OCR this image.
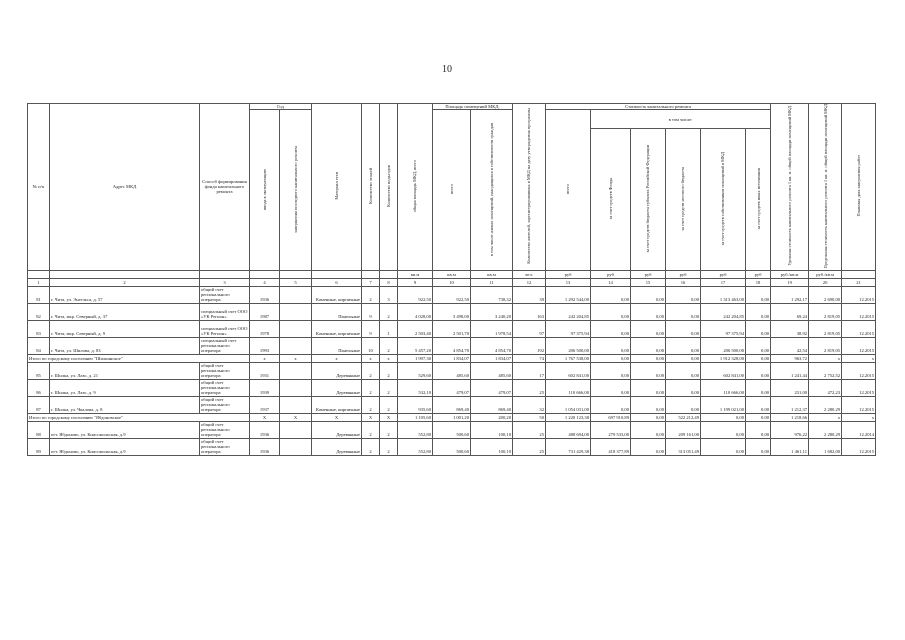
10
№ п/п	Адрес МКД	Способ формирования фонда капитального ремонта	Год		Материал стен	Количество этажей	Количество подъездов	общая площадь МКД, всего	Площадь помещений МКД:		Количество жителей, зарегистрированных в МКД на дату утверждения программы	Стоимость капитального ремонта						Удельная стоимость капитального ремонта 1 кв. м. общей площади помещений МКД	Предельная стоимость капитального ремонта 1 кв. м. общей площади помещений МКД	Плановая дата завершения работ
			ввода в эксплуатацию	завершения последнего капитального ремонта					всего	в том числе жилых помещений, находящихся в собственности граждан		всего	в том числе:							
													за счет средств Фонда	за счет средств бюджета субъекта Российской Федерации	за счет средств местного бюджета	за счет средств собственников помещений в МКД	за счет средств иных источников			

								кв.м	кв.м	кв.м	чел.	руб	руб	руб	руб	руб	руб	руб./кв.м	руб./кв.м	
1	2	3	4	5	6	7	8	9	10	11	12	13	14	15	16	17	18	19	20	21
81	г. Чита, ул. Энгельса, д. 57	общий счет регионального оператора	1936		Каменные, кирпичные	2	3	922,50	922,50	738,32	39	1 292 544,00	0,00	0,00	0,00	1 313 463,00	0,00	1 292,17	2 690,00	12.2015
82	г. Чита, мкр. Северный, д. 37	специальный счет ООО «УК Регион»	1987		Панельные	9	2	4 028,00	3 498,00	3 240,20	163	242 204,85	0,00	0,00	0,00	242 204,85	0,00	69,24	2 819,05	12.2015
83	г. Чита, мкр. Северный, д. 9	специальный счет ООО «УК Регион»	1978		Каменные, кирпичные	9	1	2 503,40	2 501,70	1 978,54	97	97 375,94	0,00	0,00	0,00	97 375,94	0,00	38,92	2 819,05	12.2015
84	г. Чита, ул. Шилова, д. 83	специальный счет регионального оператора	1993		Панельные	10	2	5 457,20	4 854,70	4 854,70	192	206 500,00	0,00	0,00	0,00	206 500,00	0,00	42,54	2 819,05	12.2015
Итого по городскому поселению "Шилкинское"			x	x	x	x	x	1 997,30	1 834,07	1 834,07	74	1 767 538,00	0,00	0,00	0,00	1 912 328,00	0,00	963,72	x	x
85	г. Шилка, ул. Лазо, д. 21	общий счет регионального оператора	1931		Деревянные	2	2	529,60	485,60	485,60	17	602 841,00	0,00	0,00	0,00	602 841,00	0,00	1 241,44	2 752,52	12.2015
86	г. Шилка, ул. Лазо, д. 9	общий счет регионального оператора	1939		Деревянные	2	2	532,10	479,07	479,07	25	110 666,00	0,00	0,00	0,00	110 666,00	0,00	231,00	472,23	12.2015
87	г. Шилка, ул. Чкалова, д. 8	общий счет регионального оператора	1937		Каменные, кирпичные	2	2	935,60	869,40	869,40	32	1 054 031,00	0,00	0,00	0,00	1 199 021,00	0,00	1 212,37	2 280,29	12.2015
Итого по городскому поселению "Ябдоновское"			X	X	X	X	X	1 105,60	1 001,20	200,20	50	1 220 123,38	697 910,89	0,00	522 212,49	0,00	0,00	1 218,66	x	x
88	пгт. Ябдоново, ул. Комсомольская, д.9	общий счет регионального оператора	1936		Деревянные	2	2	552,80	500,60	100,10	25	488 694,00	279 533,00	0,00	209 161,00	0,00	0,00	976,22	2 280,29	12.2014
89	пгт. Ябдоново, ул. Комсомольская, д.9	общий счет регионального оператора	1936		Деревянные	2	2	552,80	500,60	100,10	25	731 429,38	418 377,89	0,00	313 051,49	0,00	0,00	1 461,11	1 682,00	12.2015
